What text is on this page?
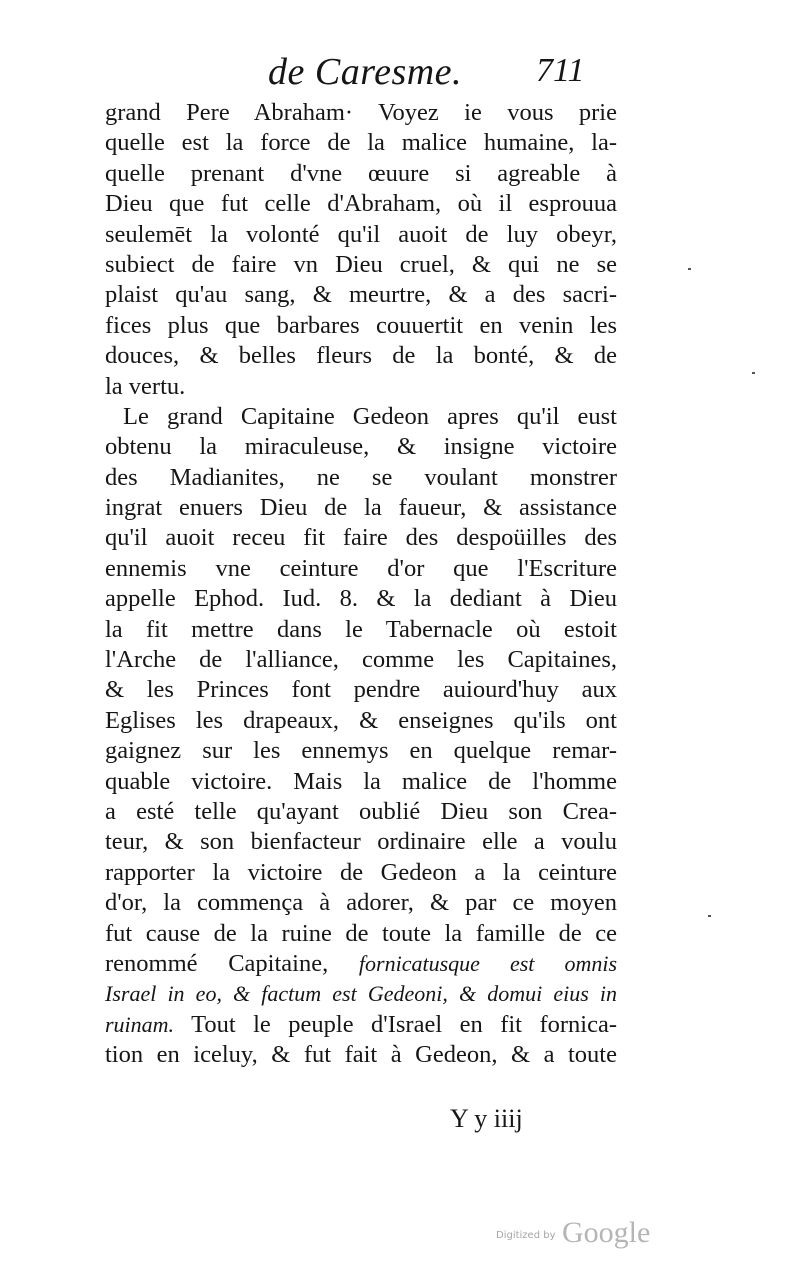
de Caresme. 711
grand Pere Abraham· Voyez ie vous prie
quelle est la force de la malice humaine, la-
quelle prenant d'vne œuure si agreable à
Dieu que fut celle d'Abraham, où il esprouua
seulemēt la volonté qu'il auoit de luy obeyr,
subiect de faire vn Dieu cruel, & qui ne se
plaist qu'au sang, & meurtre, & a des sacri-
fices plus que barbares couuertit en venin les
douces, & belles fleurs de la bonté, & de
la vertu.
Le grand Capitaine Gedeon apres qu'il eust
obtenu la miraculeuse, & insigne victoire
des Madianites, ne se voulant monstrer
ingrat enuers Dieu de la faueur, & assistance
qu'il auoit receu fit faire des despoüilles des
ennemis vne ceinture d'or que l'Escriture
appelle Ephod. Iud. 8. & la dediant à Dieu
la fit mettre dans le Tabernacle où estoit
l'Arche de l'alliance, comme les Capitaines,
& les Princes font pendre auiourd'huy aux
Eglises les drapeaux, & enseignes qu'ils ont
gaignez sur les ennemys en quelque remar-
quable victoire. Mais la malice de l'homme
a esté telle qu'ayant oublié Dieu son Crea-
teur, & son bienfacteur ordinaire elle a voulu
rapporter la victoire de Gedeon a la ceinture
d'or, la commença à adorer, & par ce moyen
fut cause de la ruine de toute la famille de ce
renommé Capitaine, fornicatusque est omnis
Israel in eo, & factum est Gedeoni, & domui eius in
ruinam. Tout le peuple d'Israel en fit fornica-
tion en iceluy, & fut fait à Gedeon, & a toute
Y y iiij
Digitized by Google
